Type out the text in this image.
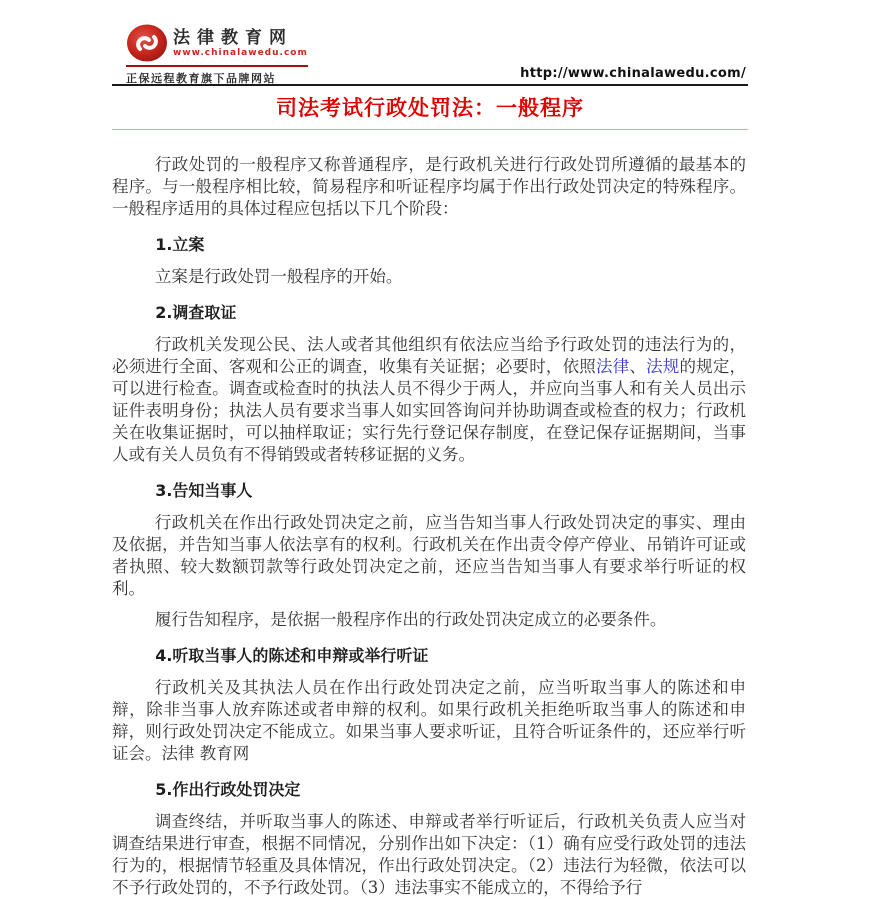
法律教育网
www.chinalawedu.com
正保远程教育旗下品牌网站	http://www.chinalawedu.com/
司法考试行政处罚法：一般程序

行政处罚的一般程序又称普通程序，是行政机关进行行政处罚所遵循的最基本的程序。与一般程序相比较，简易程序和听证程序均属于作出行政处罚决定的特殊程序。一般程序适用的具体过程应包括以下几个阶段：

1.立案

立案是行政处罚一般程序的开始。

2.调查取证

行政机关发现公民、法人或者其他组织有依法应当给予行政处罚的违法行为的，必须进行全面、客观和公正的调查，收集有关证据；必要时，依照法律、法规的规定，可以进行检查。调查或检查时的执法人员不得少于两人，并应向当事人和有关人员出示证件表明身份；执法人员有要求当事人如实回答询问并协助调查或检查的权力；行政机关在收集证据时，可以抽样取证；实行先行登记保存制度，在登记保存证据期间，当事人或有关人员负有不得销毁或者转移证据的义务。

3.告知当事人

行政机关在作出行政处罚决定之前，应当告知当事人行政处罚决定的事实、理由及依据，并告知当事人依法享有的权利。行政机关在作出责令停产停业、吊销许可证或者执照、较大数额罚款等行政处罚决定之前，还应当告知当事人有要求举行听证的权利。

履行告知程序，是依据一般程序作出的行政处罚决定成立的必要条件。

4.听取当事人的陈述和申辩或举行听证

行政机关及其执法人员在作出行政处罚决定之前，应当听取当事人的陈述和申辩，除非当事人放弃陈述或者申辩的权利。如果行政机关拒绝听取当事人的陈述和申辩，则行政处罚决定不能成立。如果当事人要求听证，且符合听证条件的，还应举行听证会。法律 教育网

5.作出行政处罚决定

调查终结，并听取当事人的陈述、申辩或者举行听证后，行政机关负责人应当对调查结果进行审查，根据不同情况，分别作出如下决定：（1）确有应受行政处罚的违法行为的，根据情节轻重及具体情况，作出行政处罚决定。（2）违法行为轻微，依法可以不予行政处罚的，不予行政处罚。（3）违法事实不能成立的，不得给予行
